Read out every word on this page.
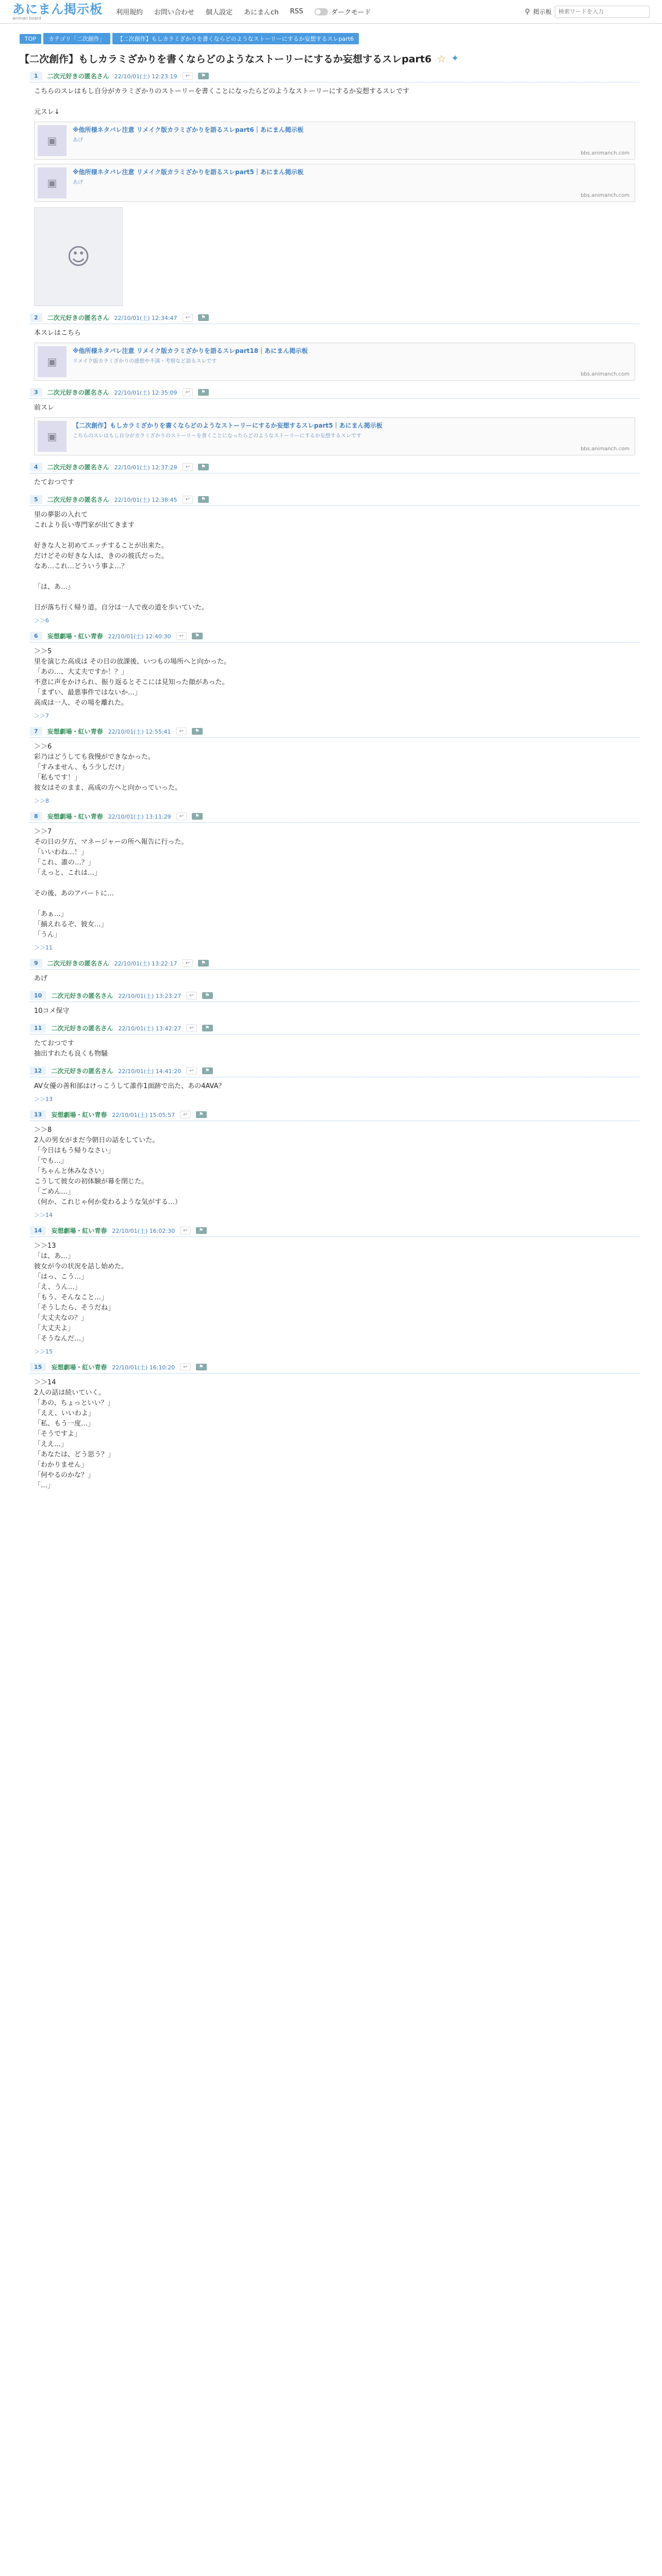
あにまん掲示板
animan board
利用規約 お問い合わせ 個人設定 あにまんch RSS	ダークモード	⚲ 掲示板
検索ワードを入力
TOP	カテゴリ「二次創作」	【二次創作】もしカラミざかりを書くならどのようなストーリーにするか妄想するスレpart6
【二次創作】もしカラミざかりを書くならどのようなストーリーにするか妄想するスレpart6 ☆ ✦
1	二次元好きの匿名さん 22/10/01(土) 12:23:19	↩	⚑
こちらのスレはもし自分がカラミざかりのストーリーを書くことになったらどのようなストーリーにするか妄想するスレです

元スレ↓
▣
※他所様ネタバレ注意 リメイク版カラミざかりを語るスレpart6｜あにまん掲示板
あげ
bbs.animanch.com
▣
※他所様ネタバレ注意 リメイク版カラミざかりを語るスレpart5｜あにまん掲示板
あげ
bbs.animanch.com
☺
2	二次元好きの匿名さん 22/10/01(土) 12:34:47	↩	⚑
本スレはこちら
▣
※他所様ネタバレ注意 リメイク版カラミざかりを語るスレpart18｜あにまん掲示板
リメイク版カラミざかりの感想や不満・考察など語るスレです
bbs.animanch.com
3	二次元好きの匿名さん 22/10/01(土) 12:35:09	↩	⚑
前スレ
▣
【二次創作】もしカラミざかりを書くならどのようなストーリーにするか妄想するスレpart5｜あにまん掲示板
こちらのスレはもし自分がカラミざかりのストーリーを書くことになったらどのようなストーリーにするか妄想するスレです
bbs.animanch.com
4	二次元好きの匿名さん 22/10/01(土) 12:37:29	↩	⚑
たておつです
5	二次元好きの匿名さん 22/10/01(土) 12:38:45	↩	⚑
里の夢影の入れて
これより長い専門家が出てきます

好きな人と初めてエッチすることが出来た。
だけどその好きな人は、きのの彼氏だった。
なあ…これ…どういう事よ…？

「は、あ…」

日が落ち行く帰り道。自分は一人で夜の道を歩いていた。
＞＞6
6	妄想劇場・紅い青春 22/10/01(土) 12:40:30	↩	⚑
＞＞5
里を演じた高成は その日の放課後、いつもの場所へと向かった。
「あの…、大丈夫ですか！？」
不意に声をかけられ、振り返るとそこには見知った顔があった。
「まずい、最悪事件ではないか…」
高成は一人、その場を離れた。
＞＞7
7	妄想劇場・紅い青春 22/10/01(土) 12:55:41	↩	⚑
＞＞6
彩乃はどうしても我慢ができなかった。
「すみません、もう少しだけ」
「私もです！」
彼女はそのまま、高成の方へと向かっていった。
＞＞8
8	妄想劇場・紅い青春 22/10/01(土) 13:11:29	↩	⚑
＞＞7
その日の夕方、マネージャーの所へ報告に行った。
「いいわね…！」
「これ、誰の…？」
「えっと、これは…」

その後、あのアパートに…

「あぁ…」
「揃えれるぞ、彼女…」
「うん」
＞＞11
9	二次元好きの匿名さん 22/10/01(土) 13:22:17	↩	⚑
あげ
10	二次元好きの匿名さん 22/10/01(土) 13:23:27	↩	⚑
10コメ保守
11	二次元好きの匿名さん 22/10/01(土) 13:42:27	↩	⚑
たておつです
抽出すれたも良くも物騒
12	二次元好きの匿名さん 22/10/01(土) 14:41:20	↩	⚑
AV女優の善和部はけっこうして誰作1面跡で出た、あの4AVA？
＞＞13
13	妄想劇場・紅い青春 22/10/01(土) 15:05:57	↩	⚑
＞＞8
2人の男女がまだ今朝日の話をしていた。
「今日はもう帰りなさい」
「でも…」
「ちゃんと休みなさい」
こうして彼女の初体験が幕を閉じた。
「ごめん…」
（何か、これじゃ何か変わるような気がする…）
＞＞14
14	妄想劇場・紅い青春 22/10/01(土) 16:02:30	↩	⚑
＞＞13
「は、あ…」
彼女が今の状況を話し始めた。
「はっ、こう…」
「え、うん…」
「もう、そんなこと…」
「そうしたら、そうだね」
「大丈夫なの？」
「大丈夫よ」
「そうなんだ…」
＞＞15
15	妄想劇場・紅い青春 22/10/01(土) 16:10:20	↩	⚑
＞＞14
2人の話は続いていく。
「あの、ちょっといい？」
「ええ、いいわよ」
「私、もう一度…」
「そうですよ」
「ええ…」
「あなたは、どう思う？」
「わかりません」
「何やるのかな？」
「…」
